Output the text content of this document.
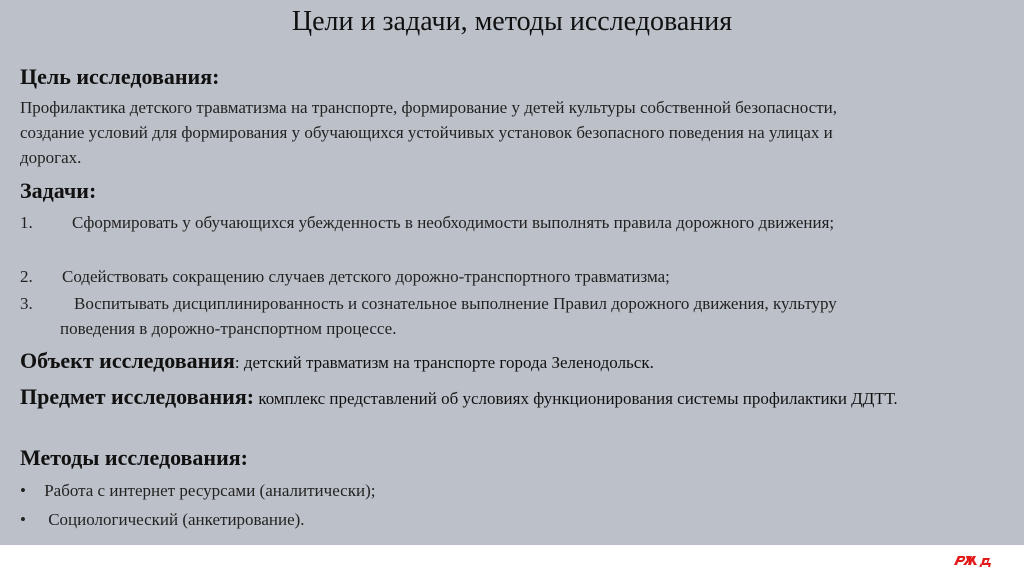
Цели и задачи, методы исследования
Цель исследования:
Профилактика детского травматизма на транспорте, формирование у детей культуры собственной безопасности, создание условий для формирования у обучающихся устойчивых установок безопасного поведения на улицах и дорогах.
Задачи:
1.	Сформировать у обучающихся убежденность в необходимости выполнять правила дорожного движения;
2. Содействовать сокращению случаев детского дорожно-транспортного травматизма;
3.	Воспитывать дисциплинированность и сознательное выполнение Правил дорожного движения, культуру поведения в дорожно-транспортном процессе.
Объект исследования: детский травматизм на транспорте города Зеленодольск.
Предмет исследования: комплекс представлений об условиях функционирования системы профилактики ДДТТ.
Методы исследования:
• Работа с интернет ресурсами (аналитически);
• Социологический (анкетирование).
